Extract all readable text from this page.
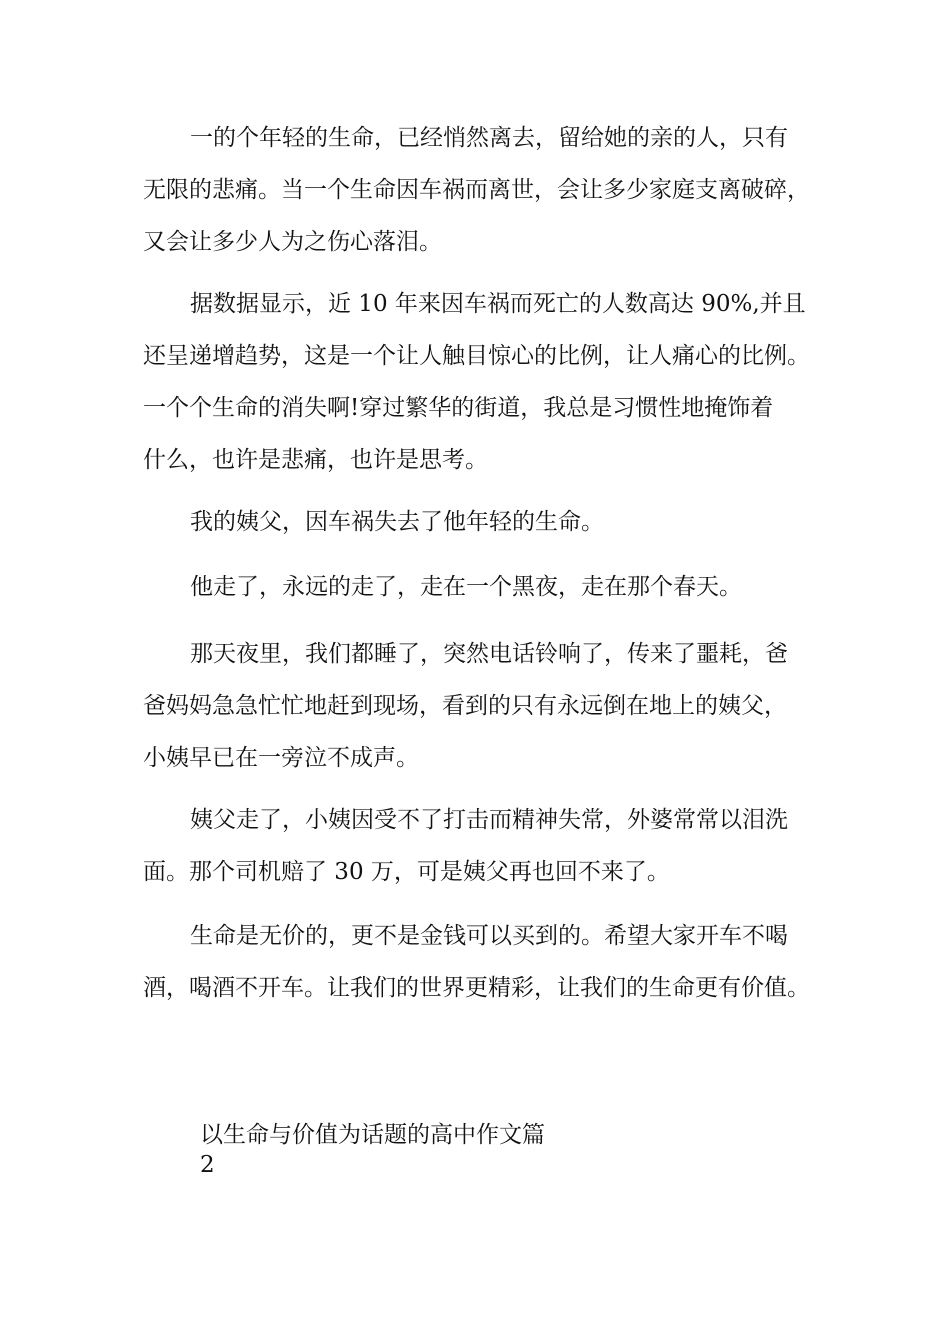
一的个年轻的生命，已经悄然离去，留给她的亲的人，只有
无限的悲痛。当一个生命因车祸而离世，会让多少家庭支离破碎，
又会让多少人为之伤心落泪。
据数据显示，近 10 年来因车祸而死亡的人数高达 90%,并且
还呈递增趋势，这是一个让人触目惊心的比例，让人痛心的比例。
一个个生命的消失啊!穿过繁华的街道，我总是习惯性地掩饰着
什么，也许是悲痛，也许是思考。
我的姨父，因车祸失去了他年轻的生命。
他走了，永远的走了，走在一个黑夜，走在那个春天。
那天夜里，我们都睡了，突然电话铃响了，传来了噩耗，爸
爸妈妈急急忙忙地赶到现场，看到的只有永远倒在地上的姨父，
小姨早已在一旁泣不成声。
姨父走了，小姨因受不了打击而精神失常，外婆常常以泪洗
面。那个司机赔了 30 万，可是姨父再也回不来了。
生命是无价的，更不是金钱可以买到的。希望大家开车不喝
酒，喝酒不开车。让我们的世界更精彩，让我们的生命更有价值。
以生命与价值为话题的高中作文篇
2
